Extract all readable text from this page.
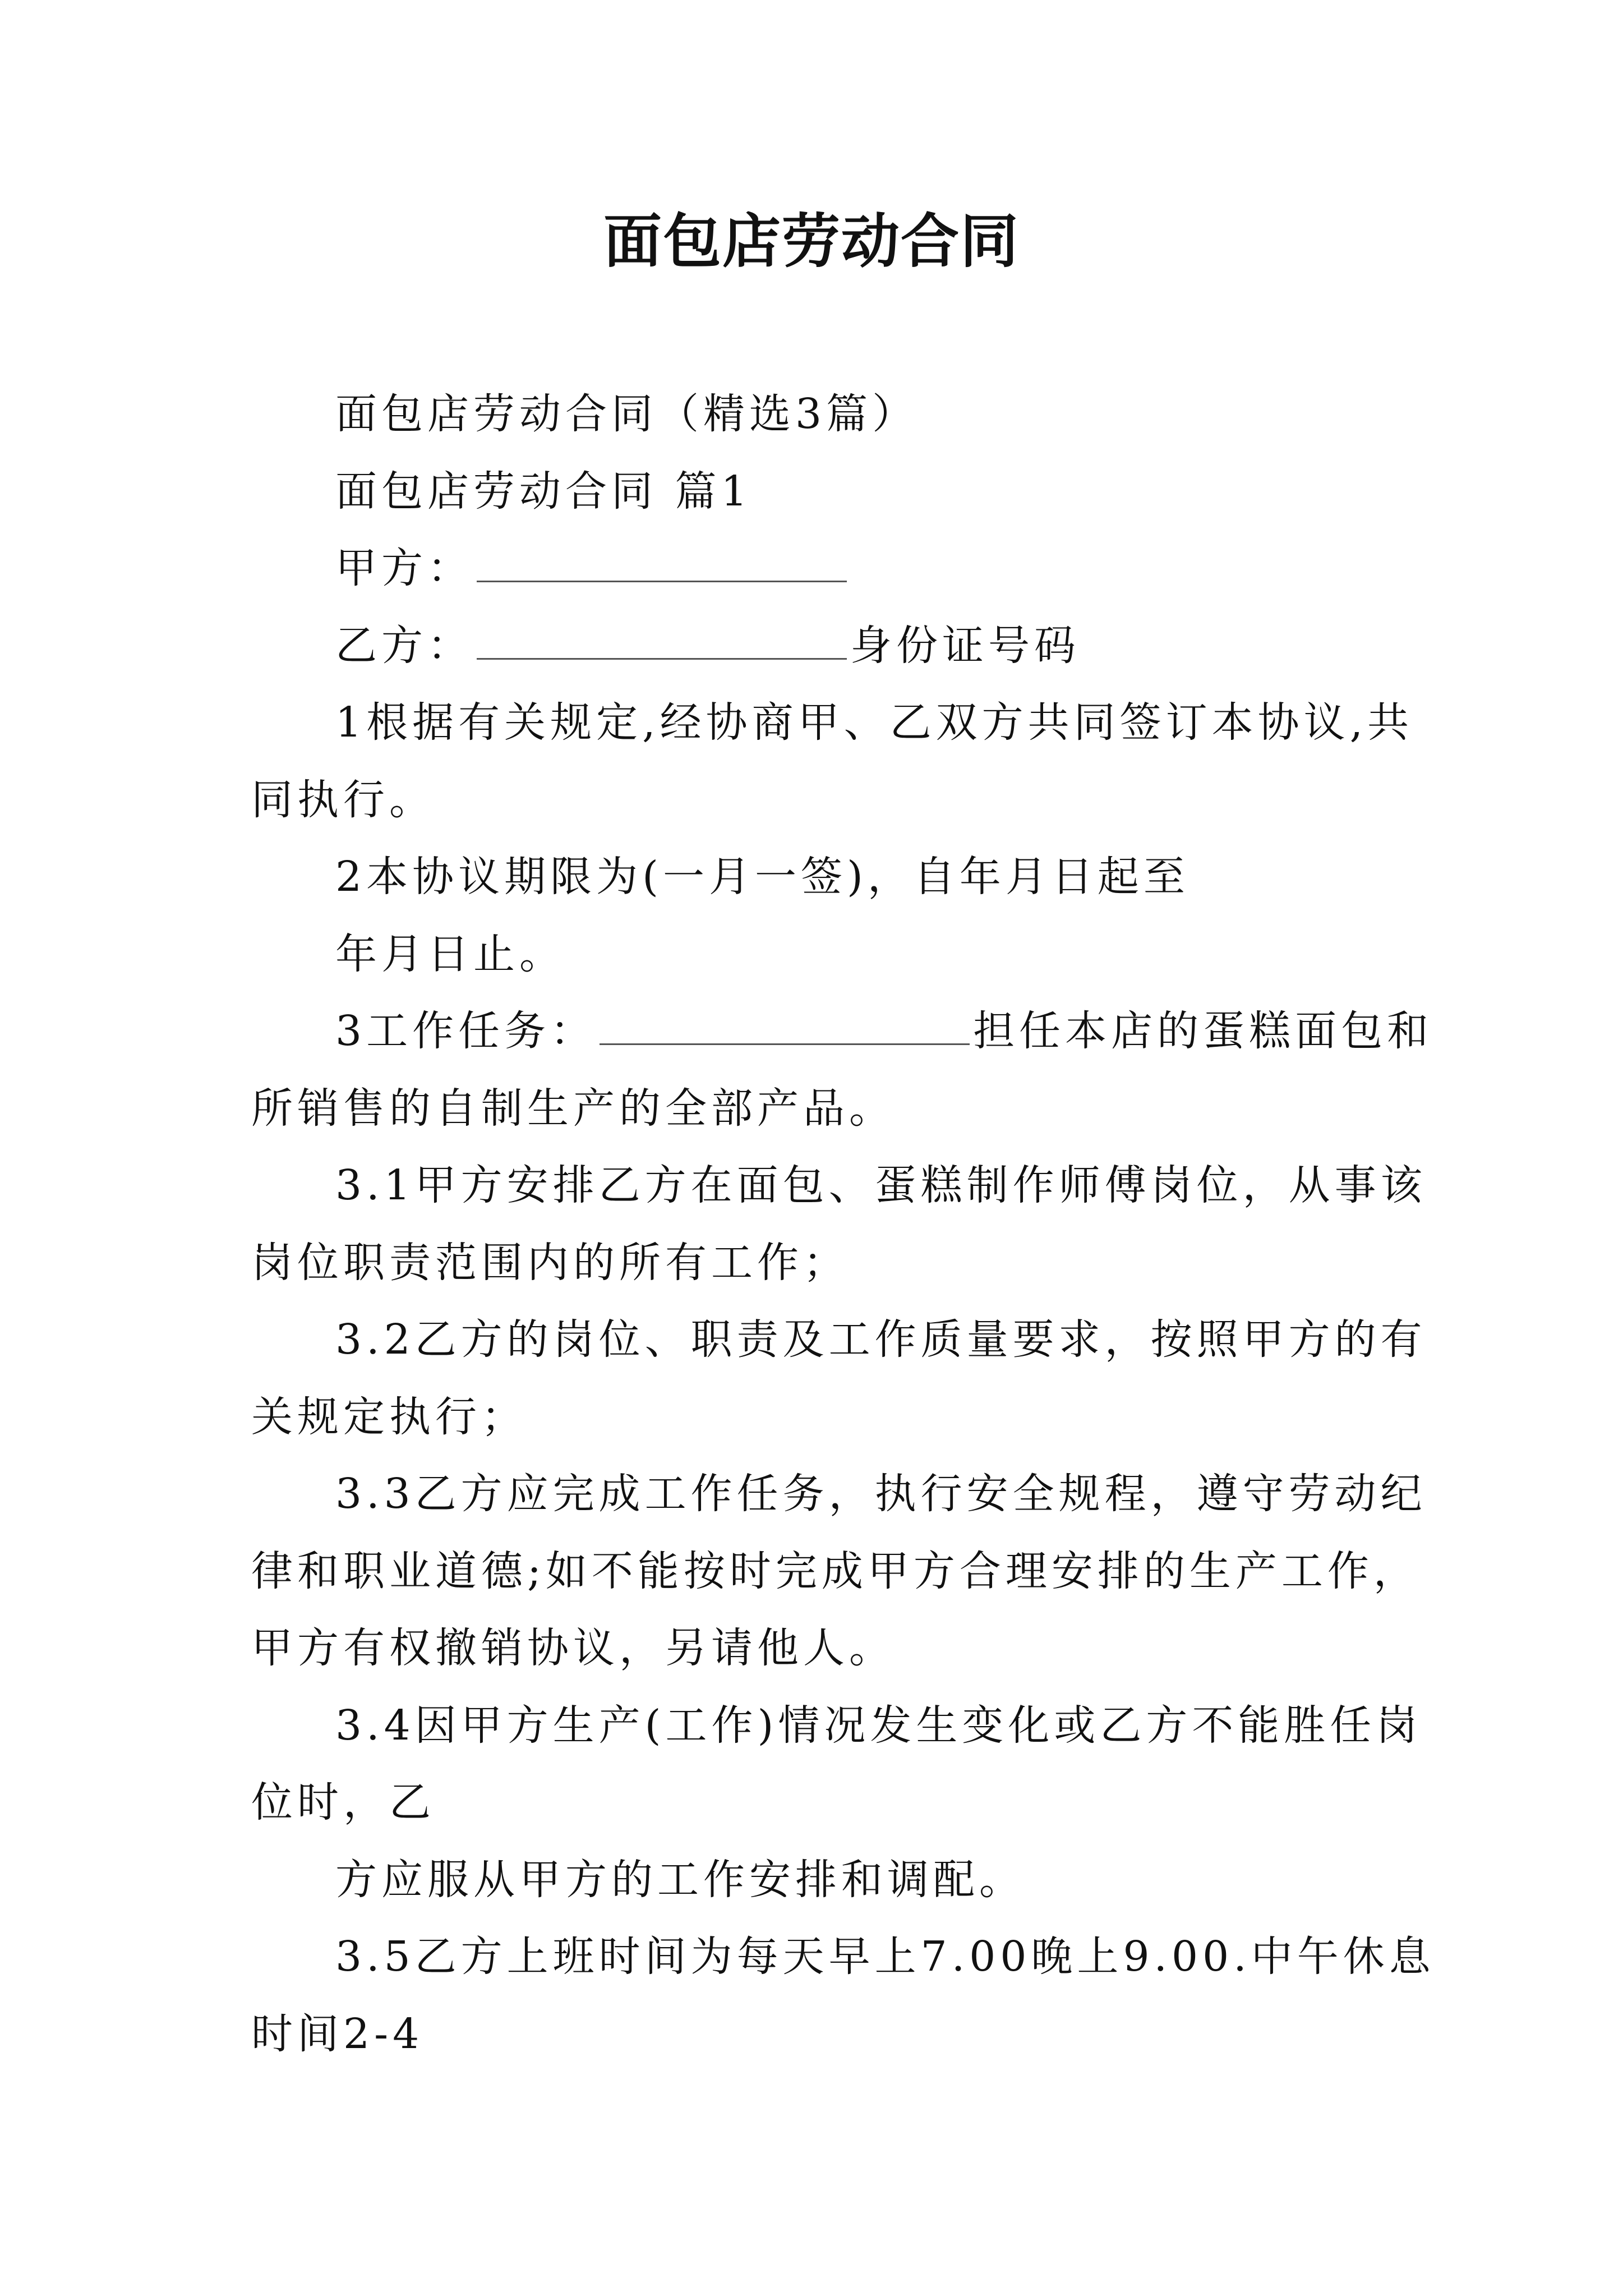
面包店劳动合同
面包店劳动合同（精选3篇）
面包店劳动合同 篇1
甲方：
乙方：	身份证号码
1根据有关规定,经协商甲、乙双方共同签订本协议,共
同执行。
2本协议期限为(一月一签)，自年月日起至
年月日止。
3工作任务：	担任本店的蛋糕面包和
所销售的自制生产的全部产品。
3.1甲方安排乙方在面包、蛋糕制作师傅岗位，从事该
岗位职责范围内的所有工作；
3.2乙方的岗位、职责及工作质量要求，按照甲方的有
关规定执行；
3.3乙方应完成工作任务，执行安全规程，遵守劳动纪
律和职业道德;如不能按时完成甲方合理安排的生产工作，
甲方有权撤销协议，另请他人。
3.4因甲方生产(工作)情况发生变化或乙方不能胜任岗
位时，乙
方应服从甲方的工作安排和调配。
3.5乙方上班时间为每天早上7.00晚上9.00.中午休息
时间2-4
